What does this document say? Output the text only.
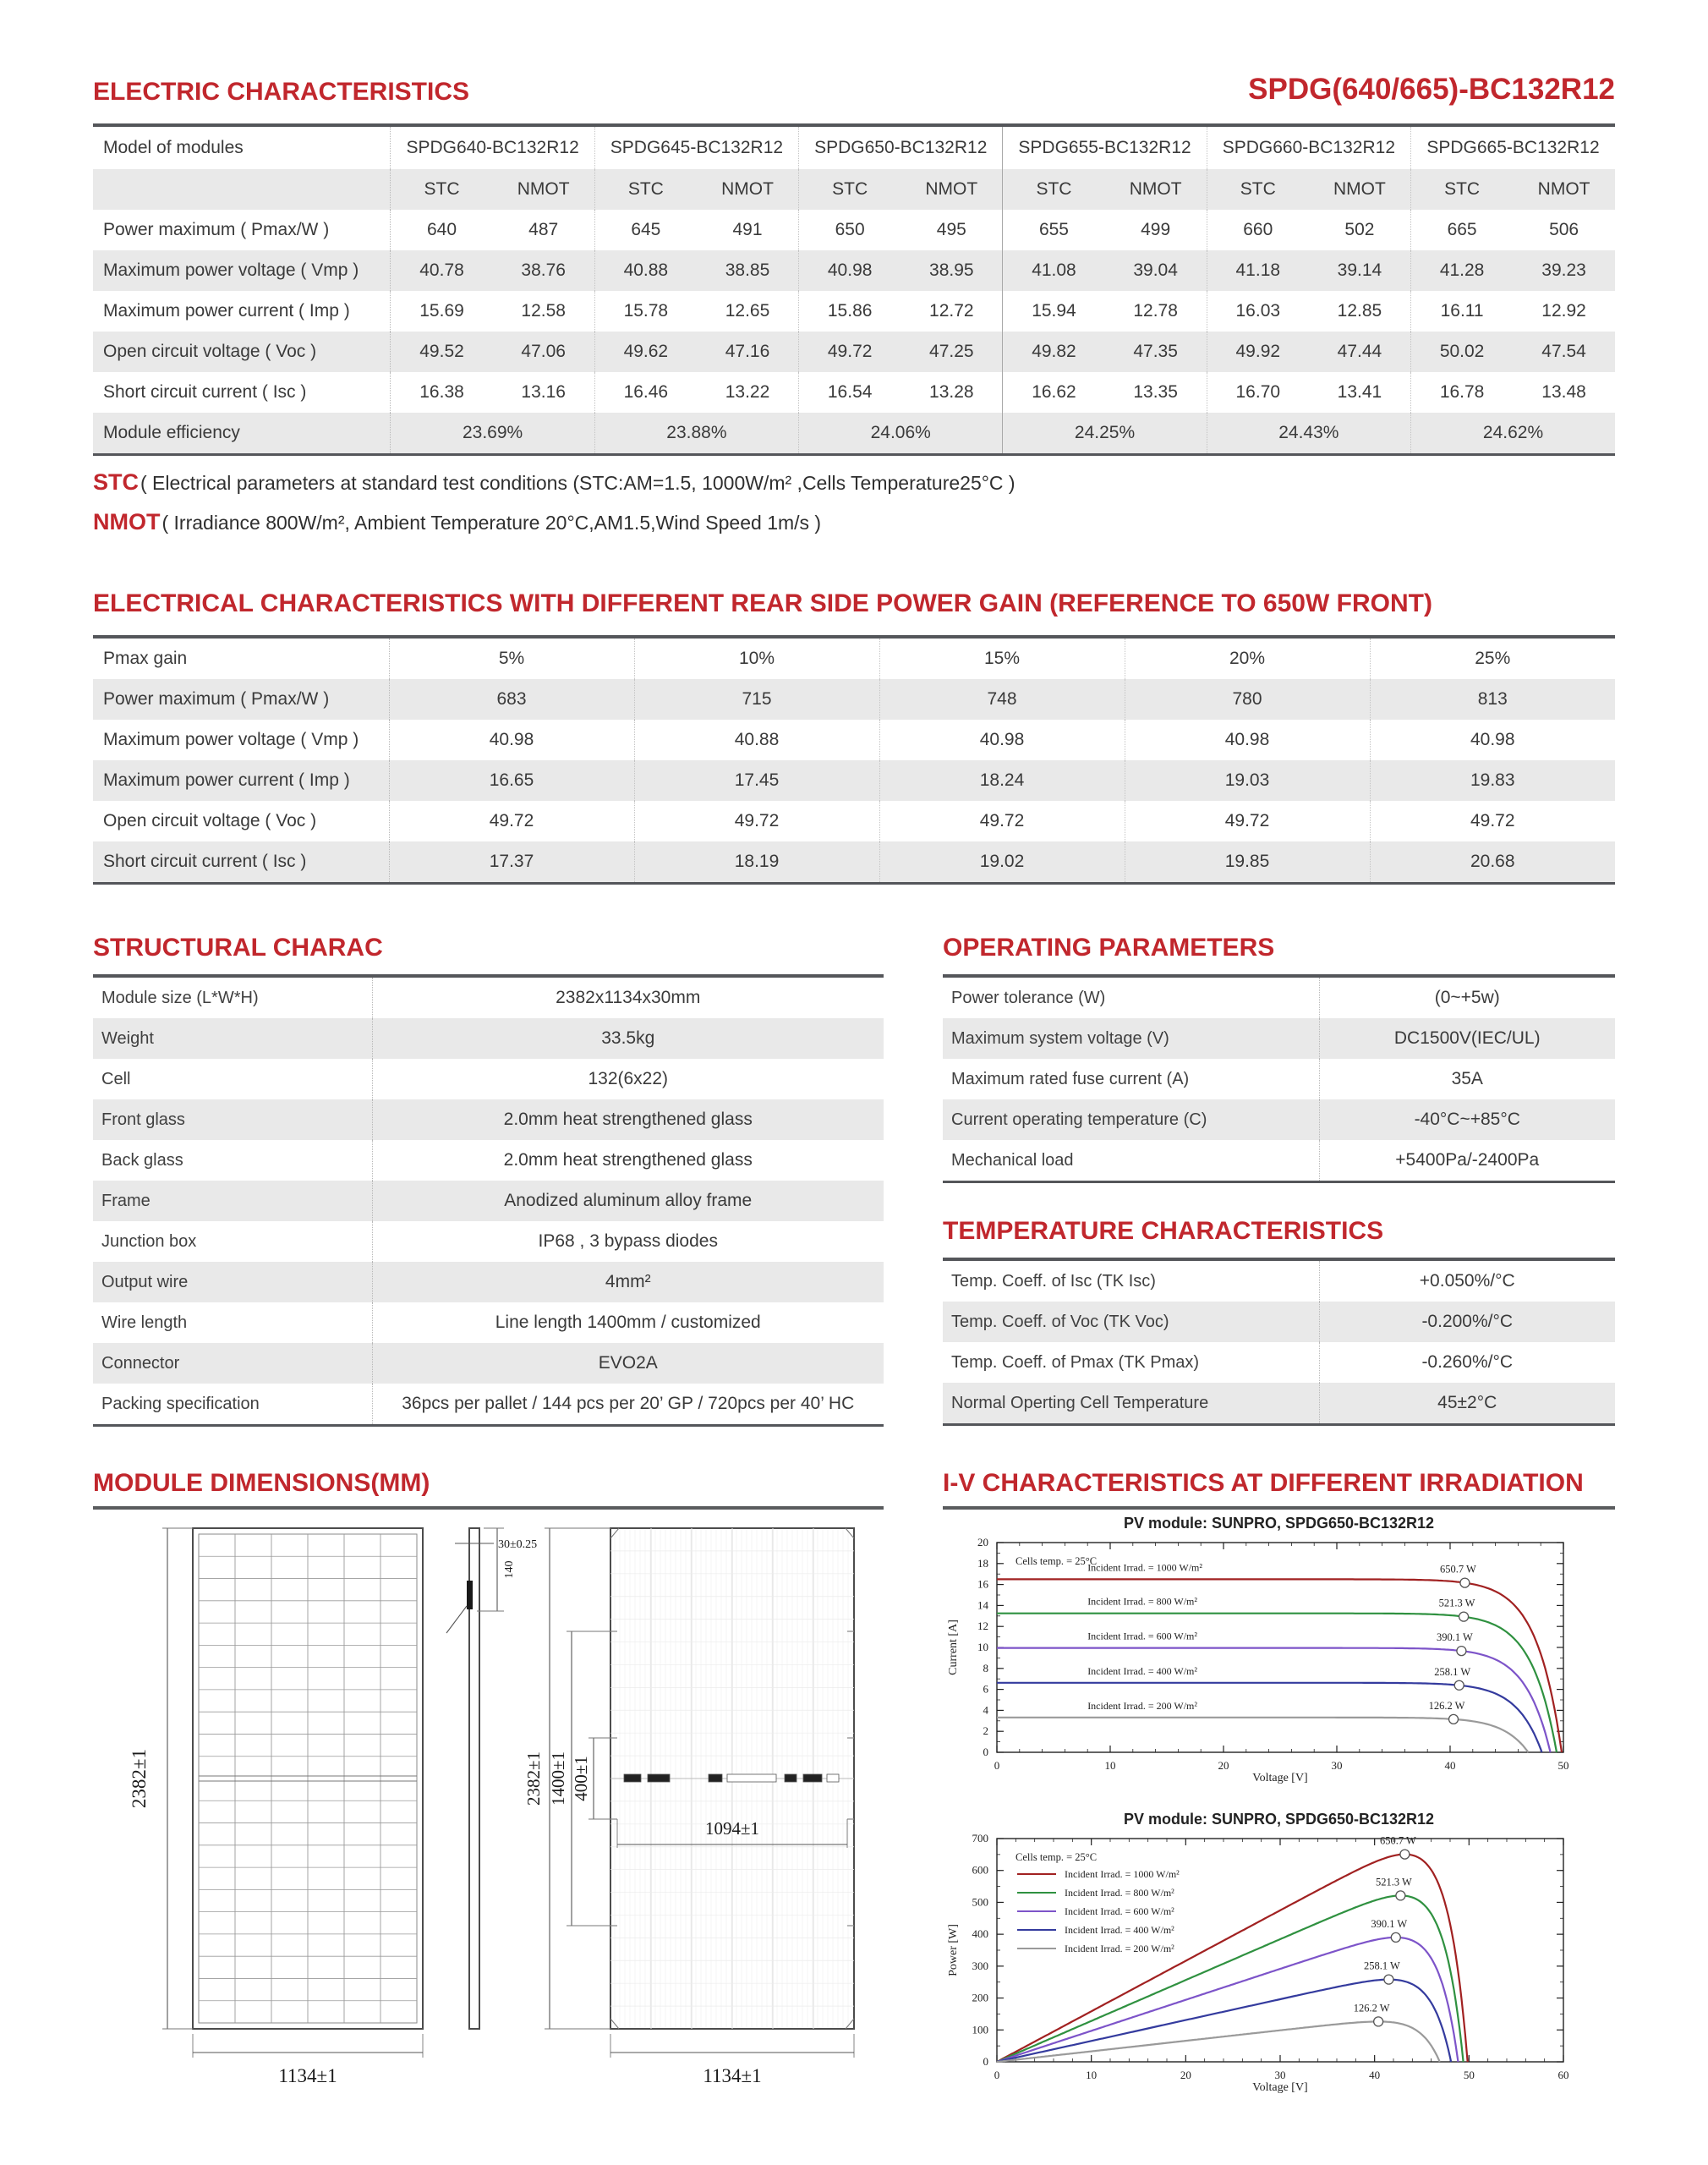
ELECTRIC CHARACTERISTICS	SPDG(640/665)-BC132R12
Model of modules	SPDG640-BC132R12		SPDG645-BC132R12		SPDG650-BC132R12		SPDG655-BC132R12		SPDG660-BC132R12		SPDG665-BC132R12	
	STC	NMOT	STC	NMOT	STC	NMOT	STC	NMOT	STC	NMOT	STC	NMOT
Power maximum ( Pmax/W )	640	487	645	491	650	495	655	499	660	502	665	506
Maximum power voltage ( Vmp )	40.78	38.76	40.88	38.85	40.98	38.95	41.08	39.04	41.18	39.14	41.28	39.23
Maximum power current ( Imp )	15.69	12.58	15.78	12.65	15.86	12.72	15.94	12.78	16.03	12.85	16.11	12.92
Open circuit voltage ( Voc )	49.52	47.06	49.62	47.16	49.72	47.25	49.82	47.35	49.92	47.44	50.02	47.54
Short circuit current ( Isc )	16.38	13.16	16.46	13.22	16.54	13.28	16.62	13.35	16.70	13.41	16.78	13.48
Module efficiency	23.69%		23.88%		24.06%		24.25%		24.43%		24.62%	
STC( Electrical parameters at standard test conditions (STC:AM=1.5, 1000W/m² ,Cells Temperature25°C )
NMOT( Irradiance 800W/m², Ambient Temperature 20°C,AM1.5,Wind Speed 1m/s )
ELECTRICAL CHARACTERISTICS WITH DIFFERENT REAR SIDE POWER GAIN (REFERENCE TO 650W FRONT)
Pmax gain	5%	10%	15%	20%	25%
Power maximum ( Pmax/W )	683	715	748	780	813
Maximum power voltage ( Vmp )	40.98	40.88	40.98	40.98	40.98
Maximum power current ( Imp )	16.65	17.45	18.24	19.03	19.83
Open circuit voltage ( Voc )	49.72	49.72	49.72	49.72	49.72
Short circuit current ( Isc )	17.37	18.19	19.02	19.85	20.68
STRUCTURAL CHARAC
Module size (L*W*H)	2382x1134x30mm
Weight	33.5kg
Cell	132(6x22)
Front glass	2.0mm heat strengthened glass
Back glass	2.0mm heat strengthened glass
Frame	Anodized aluminum alloy frame
Junction box	IP68 , 3 bypass diodes
Output wire	4mm²
Wire length	Line length 1400mm / customized
Connector	EVO2A
Packing specification	36pcs per pallet / 144 pcs per 20’ GP / 720pcs per 40’ HC
OPERATING PARAMETERS
Power tolerance (W)	(0~+5w)
Maximum system voltage (V)	DC1500V(IEC/UL)
Maximum rated fuse current (A)	35A
Current operating temperature (C)	-40°C~+85°C
Mechanical load	+5400Pa/-2400Pa
TEMPERATURE CHARACTERISTICS
Temp. Coeff. of Isc (TK Isc)	+0.050%/°C
Temp. Coeff. of Voc (TK Voc)	-0.200%/°C
Temp. Coeff. of Pmax (TK Pmax)	-0.260%/°C
Normal Operting Cell Temperature	45±2°C
MODULE DIMENSIONS(MM)
2382±1
1134±1
30±0.25
140
2382±1 1400±1 400±1
1094±1
1134±1
I-V CHARACTERISTICS AT DIFFERENT IRRADIATION
PV module: SUNPRO, SPDG650-BC132R12
0	10	20	30	40	50
0
2
4
6
8
10
12
14
16
18
20
Voltage [V]
Current [A]
Cells temp. = 25°C
650.7 W
Incident Irrad. = 1000 W/m²
521.3 W
Incident Irrad. = 800 W/m²
390.1 W
Incident Irrad. = 600 W/m²
258.1 W
Incident Irrad. = 400 W/m²
126.2 W
Incident Irrad. = 200 W/m²
PV module: SUNPRO, SPDG650-BC132R12
0	10	20	30	40	50	60
0
100
200
300
400
500
600
700
Voltage [V]
Power [W]
Cells temp. = 25°C
650.7 W
Incident Irrad. = 1000 W/m²
521.3 W
Incident Irrad. = 800 W/m²
390.1 W
Incident Irrad. = 600 W/m²
258.1 W
Incident Irrad. = 400 W/m²
126.2 W
Incident Irrad. = 200 W/m²
